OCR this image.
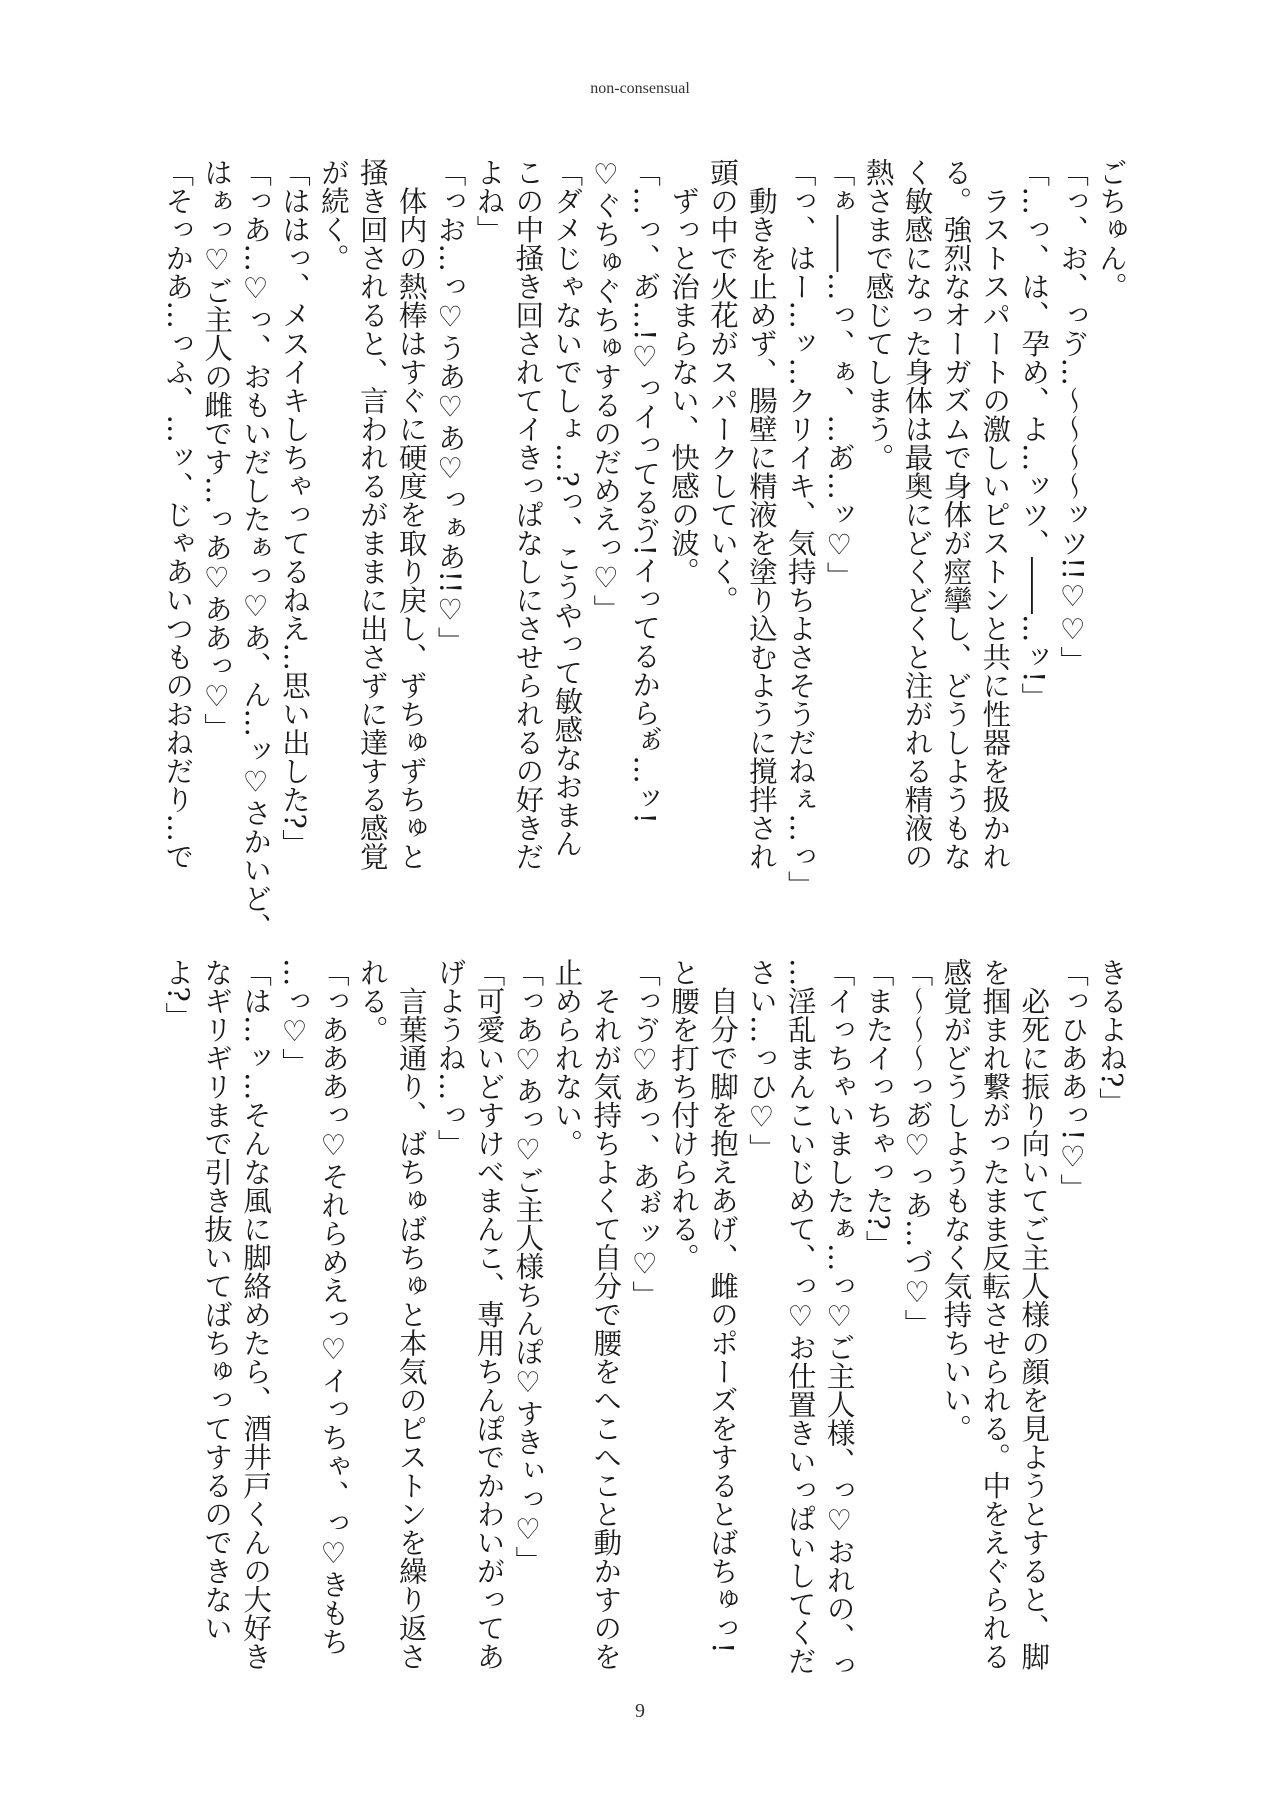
non-consensual

ごちゅん。

「っ、お、っゔ…〜〜〜〜ッツ!!♡♡」

「…っ、は、孕め、よ…ッツ、――…ッ!」

　ラストスパートの激しいピストンと共に性器を扱かれ

る。強烈なオーガズムで身体が痙攣し、どうしようもな

く敏感になった身体は最奥にどくどくと注がれる精液の

熱さまで感じてしまう。

「ぁ――…っ、ぁ、…あ゙…ッ♡」

「っ、はー…ッ…クリイキ、気持ちよさそうだねぇ…っ」

　動きを止めず、腸壁に精液を塗り込むように撹拌され

頭の中で火花がスパークしていく。

　ずっと治まらない、快感の波。

「…っ、あ゙…!♡っイってるゔ!イってるからぁ゙…ッ!

♡ぐちゅぐちゅするのだめえっ♡」

「ダメじゃないでしょ…?っ、こうやって敏感なおまん

この中掻き回されてイきっぱなしにさせられるの好きだ

よね」

「っお…っ♡うあ♡あ♡っぁあ!!♡」

　体内の熱棒はすぐに硬度を取り戻し、ずちゅずちゅと

掻き回されると、言われるがままに出さずに達する感覚

が続く。

「ははっ、メスイキしちゃってるねえ…思い出した?」

「っあ…♡っ、おもいだしたぁっ♡あ、ん…ッ♡さかいど、

はぁっ♡ご主人の雌です…っあ♡ああっ♡」

「そっかあ…っふ、…ッ、じゃあいつものおねだり…で

きるよね?」

「っひああっ!♡」

　必死に振り向いてご主人様の顔を見ようとすると、脚

を掴まれ繋がったまま反転させられる。中をえぐられる

感覚がどうしようもなく気持ちいい。

「〜〜〜っあ゙♡っあ…づ♡」

「またイっちゃった?」

「イっちゃいましたぁ…っ♡ご主人様、っ♡おれの、っ

…淫乱まんこいじめて、っ♡お仕置きいっぱいしてくだ

さい…っひ♡」

　自分で脚を抱えあげ、雌のポーズをするとばちゅっ!

と腰を打ち付けられる。

「っゔ♡あっ、あぉ゙ッ♡」

　それが気持ちよくて自分で腰をへこへこと動かすのを

止められない。

「っあ♡あっ♡ご主人様ちんぽ♡すきぃっ♡」

「可愛いどすけべまんこ、専用ちんぽでかわいがってあ

げようね…っ」

　言葉通り、ばちゅばちゅと本気のピストンを繰り返さ

れる。

「っあああっ♡それらめえっ♡イっちゃ、っ♡きもち

…っ♡」

「は…ッ…そんな風に脚絡めたら、酒井戸くんの大好き

なギリギリまで引き抜いてばちゅってするのできない

よ?」

9
